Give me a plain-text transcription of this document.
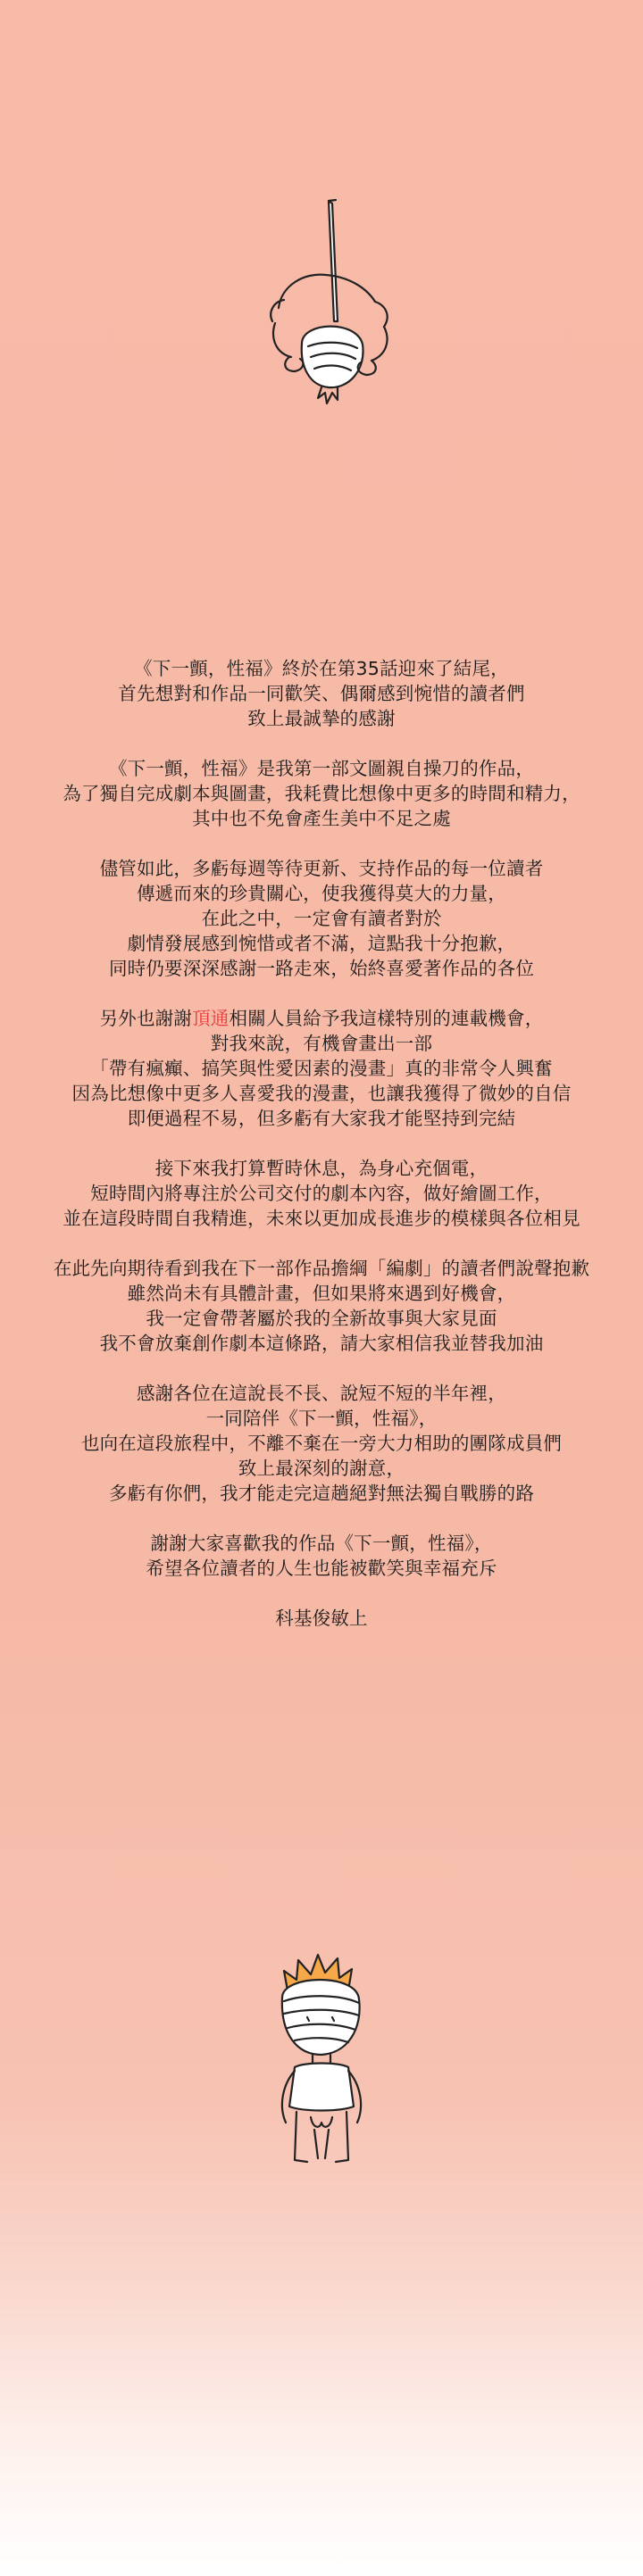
《下一顫，性福》終於在第35話迎來了結尾，
首先想對和作品一同歡笑、偶爾感到惋惜的讀者們
致上最誠摯的感謝
《下一顫，性福》是我第一部文圖親自操刀的作品，
為了獨自完成劇本與圖畫，我耗費比想像中更多的時間和精力，
其中也不免會產生美中不足之處
儘管如此，多虧每週等待更新、支持作品的每一位讀者
傳遞而來的珍貴關心，使我獲得莫大的力量，
在此之中，一定會有讀者對於
劇情發展感到惋惜或者不滿，這點我十分抱歉，
同時仍要深深感謝一路走來，始終喜愛著作品的各位
另外也謝謝頂通相關人員給予我這樣特別的連載機會，
對我來說，有機會畫出一部
「帶有瘋癲、搞笑與性愛因素的漫畫」真的非常令人興奮
因為比想像中更多人喜愛我的漫畫，也讓我獲得了微妙的自信
即便過程不易，但多虧有大家我才能堅持到完結
接下來我打算暫時休息，為身心充個電，
短時間內將專注於公司交付的劇本內容，做好繪圖工作，
並在這段時間自我精進，未來以更加成長進步的模樣與各位相見
在此先向期待看到我在下一部作品擔綱「編劇」的讀者們說聲抱歉
雖然尚未有具體計畫，但如果將來遇到好機會，
我一定會帶著屬於我的全新故事與大家見面
我不會放棄創作劇本這條路，請大家相信我並替我加油
感謝各位在這說長不長、說短不短的半年裡，
一同陪伴《下一顫，性福》，
也向在這段旅程中，不離不棄在一旁大力相助的團隊成員們
致上最深刻的謝意，
多虧有你們，我才能走完這趟絕對無法獨自戰勝的路
謝謝大家喜歡我的作品《下一顫，性福》，
希望各位讀者的人生也能被歡笑與幸福充斥
科基俊敏上
